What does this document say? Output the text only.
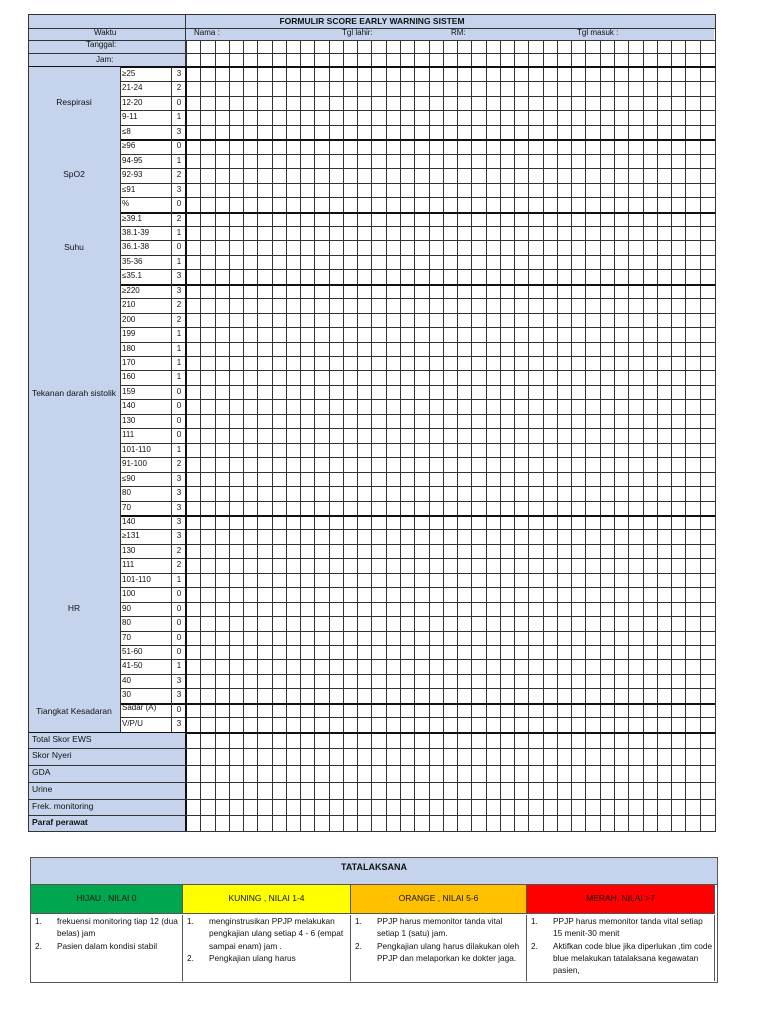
FORMULIR SCORE EARLY WARNING SISTEM
Waktu	Nama :	Tgl lahir:	RM:	Tgl masuk :
Tanggal:
Jam:
Respirasi
≥25	3
21-24	2
12-20	0
9-11	1
≤8	3
SpO2
≥96	0
94-95	1
92-93	2
≤91	3
%	0
Suhu
≥39.1	2
38.1-39	1
36.1-38	0
35-36	1
≤35.1	3
Tekanan darah sistolik
≥220	3
210	2
200	2
199	1
180	1
170	1
160	1
159	0
140	0
130	0
111	0
101-110	1
91-100	2
≤90	3
80	3
70	3
HR
140	3
≥131	3
130	2
111	2
101-110	1
100	0
90	0
80	0
70	0
51-60	0
41-50	1
40	3
30	3
Tiangkat Kesadaran	Sadar (A)	0
V/P/U	3
Total Skor EWS
Skor Nyeri
GDA
Urine
Frek. monitoring
Paraf perawat
TATALAKSANA
HIJAU , NILAI 0
1. frekuensi monitoring tiap 12 (dua belas) jam
2. Pasien dalam kondisi stabil
KUNING , NILAI 1-4
1. menginstrusikan PPJP melakukan pengkajian ulang setiap 4 - 6 (empat sampai enam) jam .
2. Pengkajian ulang harus
ORANGE , NILAI 5-6
1. PPJP harus memonitor tanda vital setiap 1 (satu) jam.
2. Pengkajian ulang harus dilakukan oleh PPJP dan melaporkan ke dokter jaga.
MERAH, NILAI >7
1. PPJP harus memonitor tanda vital setiap 15 menit-30 menit
2. Aktifkan code blue jika diperlukan ,tim code blue melakukan tatalaksana kegawatan pasien,
